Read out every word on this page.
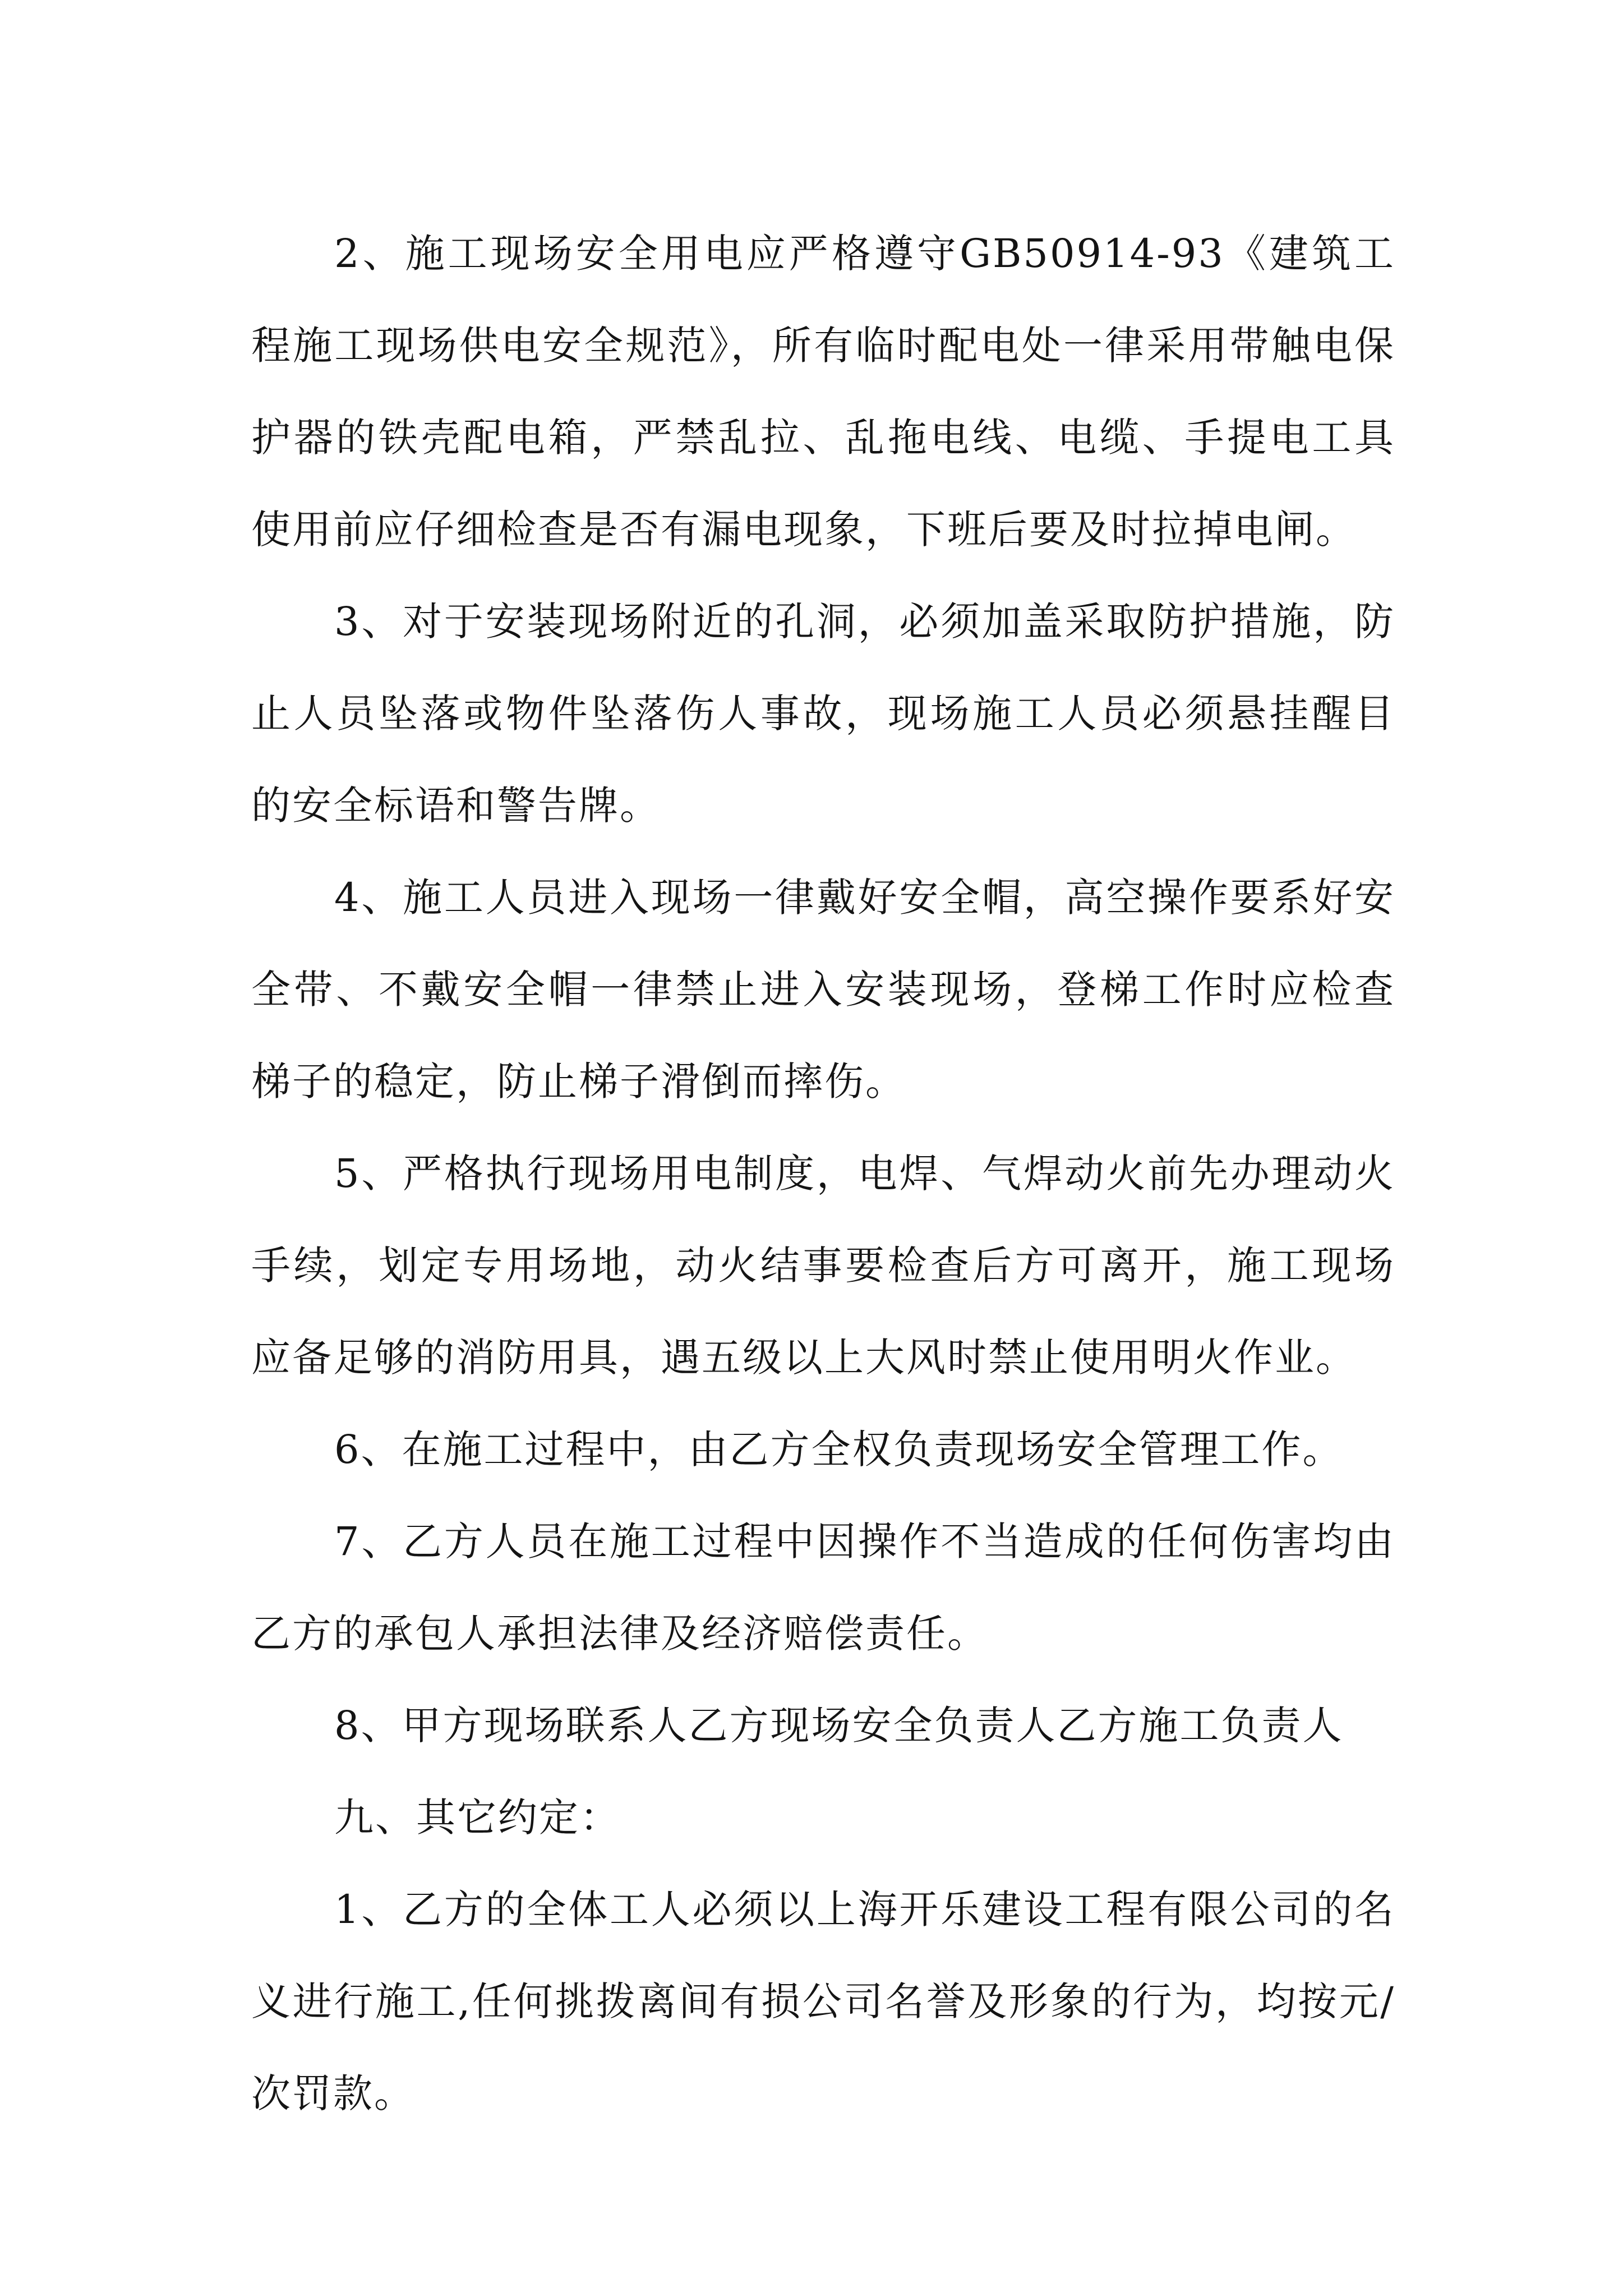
2、施工现场安全用电应严格遵守GB50914-93《建筑工程施工现场供电安全规范》，所有临时配电处一律采用带触电保护器的铁壳配电箱，严禁乱拉、乱拖电线、电缆、手提电工具使用前应仔细检查是否有漏电现象，下班后要及时拉掉电闸。

3、对于安装现场附近的孔洞，必须加盖采取防护措施，防止人员坠落或物件坠落伤人事故，现场施工人员必须悬挂醒目的安全标语和警告牌。

4、施工人员进入现场一律戴好安全帽，高空操作要系好安全带、不戴安全帽一律禁止进入安装现场，登梯工作时应检查梯子的稳定，防止梯子滑倒而摔伤。

5、严格执行现场用电制度，电焊、气焊动火前先办理动火手续，划定专用场地，动火结事要检查后方可离开，施工现场应备足够的消防用具，遇五级以上大风时禁止使用明火作业。

6、在施工过程中，由乙方全权负责现场安全管理工作。

7、乙方人员在施工过程中因操作不当造成的任何伤害均由乙方的承包人承担法律及经济赔偿责任。

8、甲方现场联系人乙方现场安全负责人乙方施工负责人

九、其它约定：

1、乙方的全体工人必须以上海开乐建设工程有限公司的名义进行施工,任何挑拨离间有损公司名誉及形象的行为，均按元/次罚款。
